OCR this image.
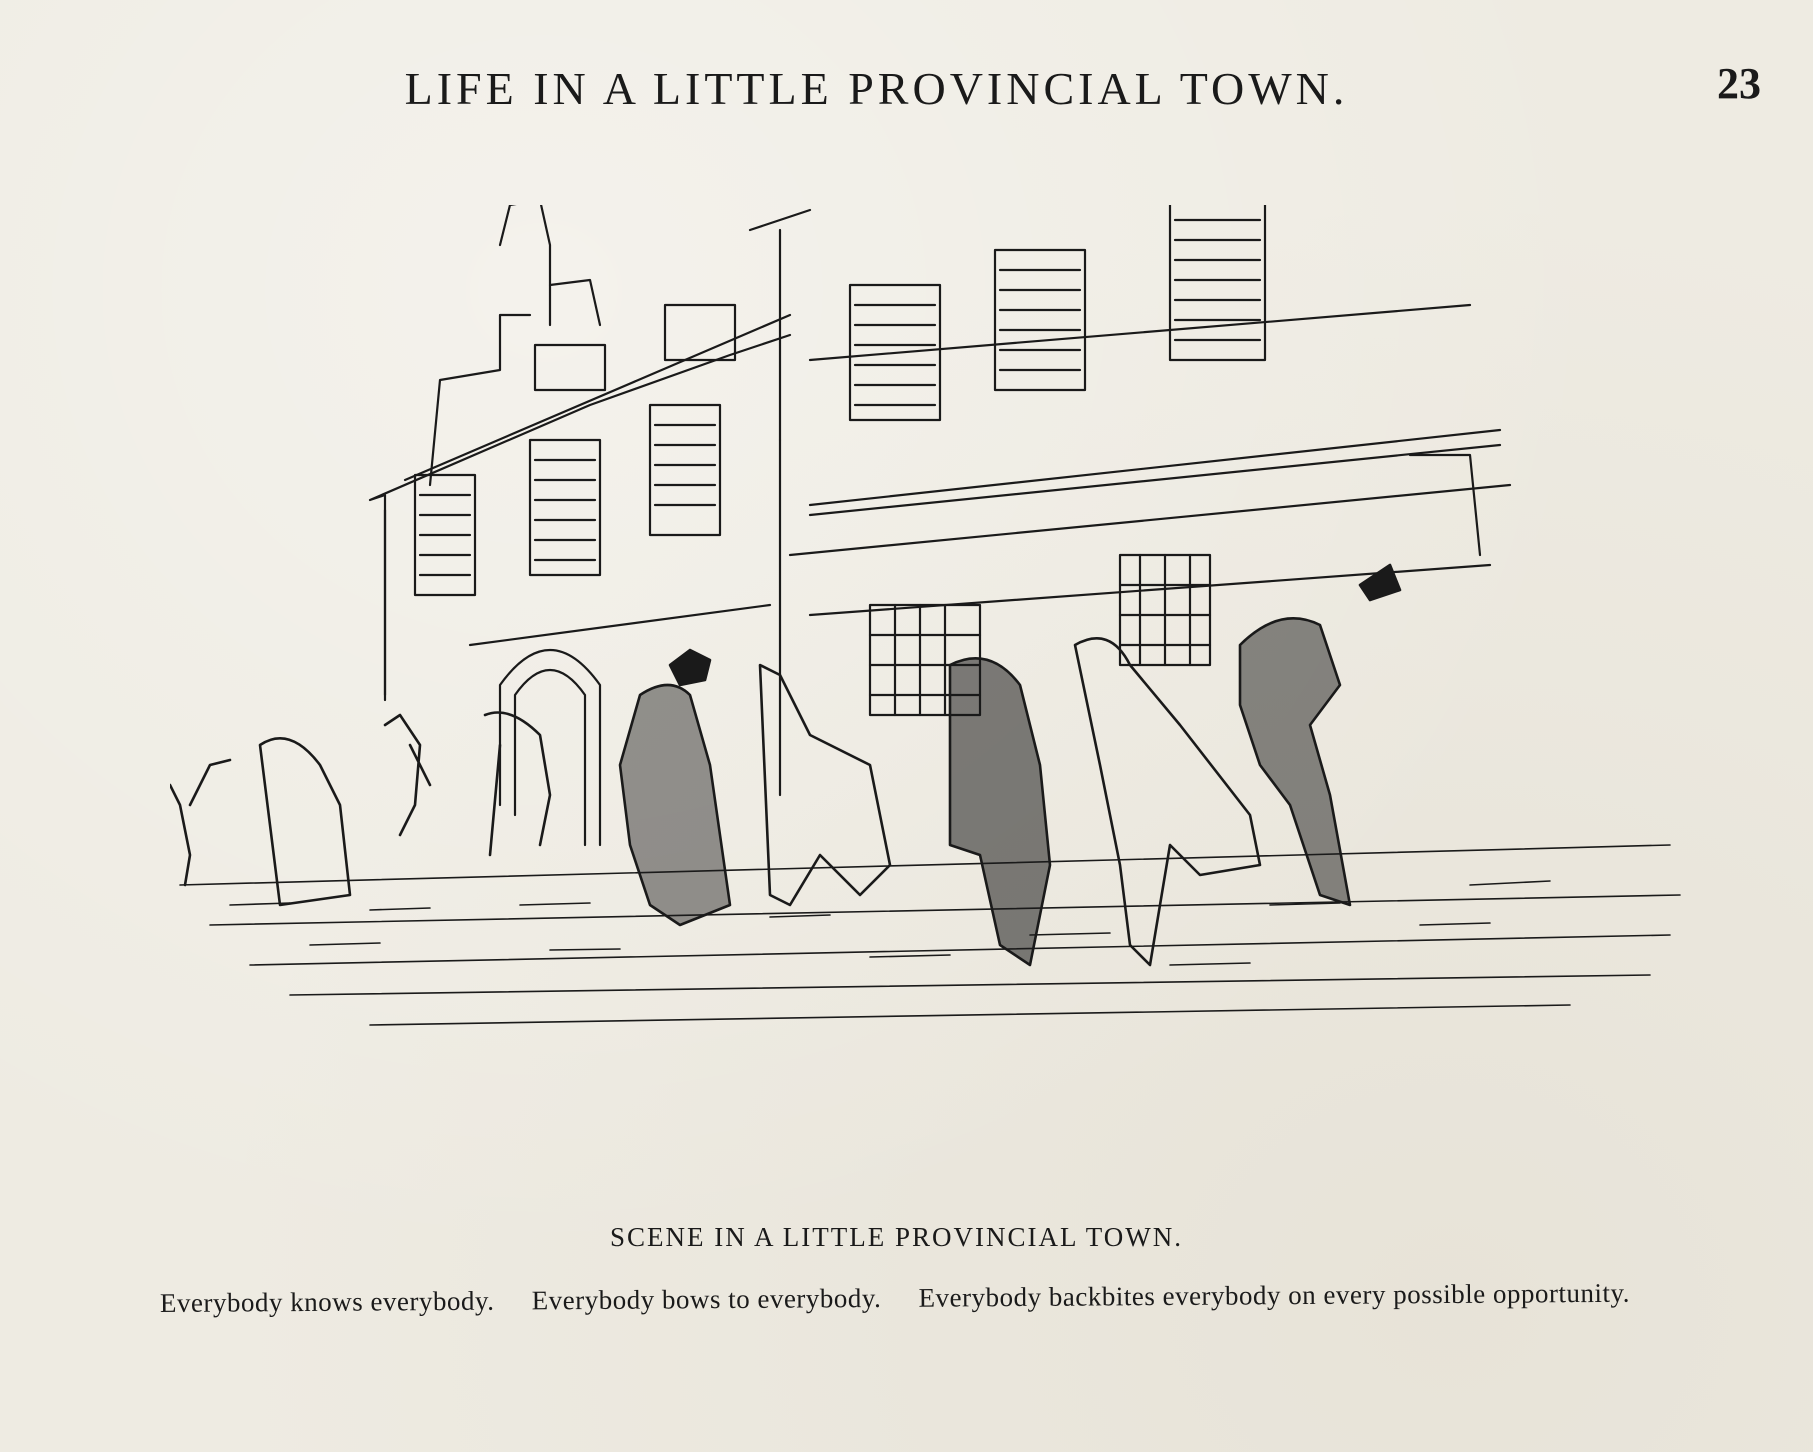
LIFE IN A LITTLE PROVINCIAL TOWN.	23
SCENE IN A LITTLE PROVINCIAL TOWN.
Everybody knows everybody. Everybody bows to everybody. Everybody backbites everybody on every possible opportunity.
